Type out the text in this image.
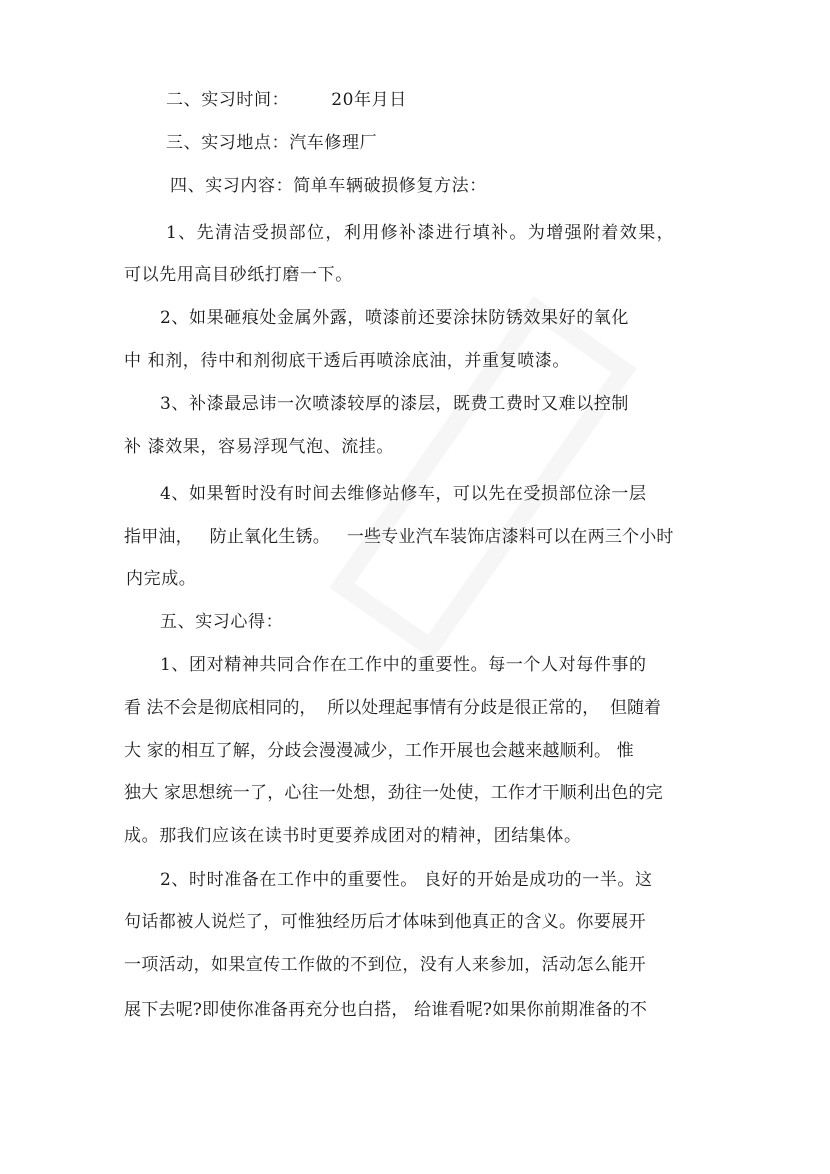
二、实习时间：       20年月日
三、实习地点：汽车修理厂
四、实习内容：简单车辆破损修复方法：
1、先清洁受损部位，利用修补漆进行填补。为增强附着效果，
可以先用高目砂纸打磨一下。
2、如果砸痕处金属外露，喷漆前还要涂抹防锈效果好的氧化
中 和剂，待中和剂彻底干透后再喷涂底油，并重复喷漆。
3、补漆最忌讳一次喷漆较厚的漆层，既费工费时又难以控制
补 漆效果，容易浮现气泡、流挂。
4、如果暂时没有时间去维修站修车，可以先在受损部位涂一层
指甲油，   防止氧化生锈。   一些专业汽车装饰店漆料可以在两三个小时
内完成。
五、实习心得：
1、团对精神共同合作在工作中的重要性。每一个人对每件事的
看 法不会是彻底相同的，  所以处理起事情有分歧是很正常的，  但随着
大 家的相互了解，分歧会漫漫减少，工作开展也会越来越顺利。 惟
独大 家思想统一了，心往一处想，劲往一处使，工作才干顺利出色的完
成。那我们应该在读书时更要养成团对的精神，团结集体。
2、时时准备在工作中的重要性。 良好的开始是成功的一半。这
句话都被人说烂了，可惟独经历后才体味到他真正的含义。你要展开
一项活动，如果宣传工作做的不到位，没有人来参加，活动怎么能开
展下去呢?即使你准备再充分也白搭， 给谁看呢?如果你前期准备的不
